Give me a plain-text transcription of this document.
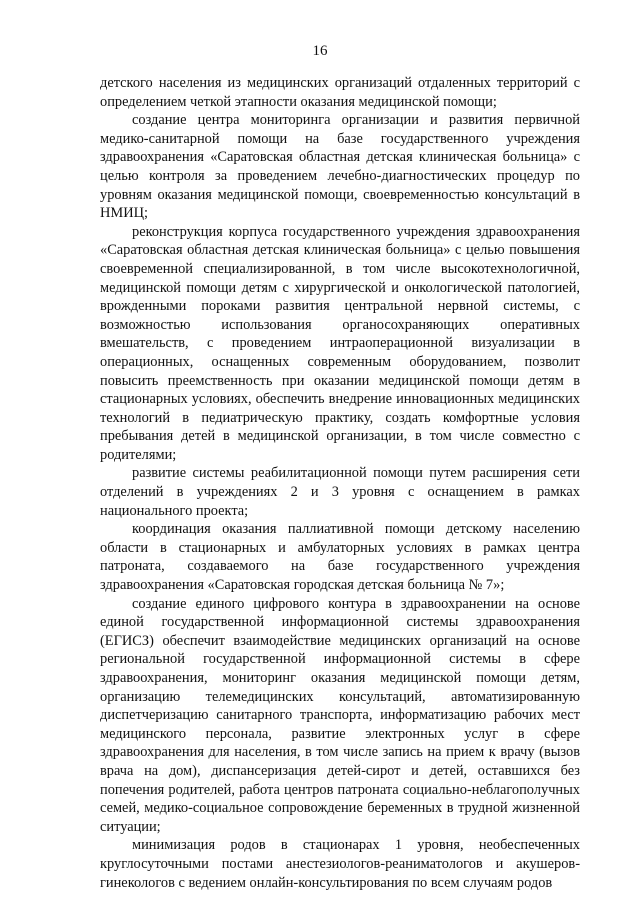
16

детского населения из медицинских организаций отдаленных территорий с определением четкой этапности оказания медицинской помощи;

создание центра мониторинга организации и развития первичной медико-санитарной помощи на базе государственного учреждения здравоохранения «Саратовская областная детская клиническая больница» с целью контроля за проведением лечебно-диагностических процедур по уровням оказания медицинской помощи, своевременностью консультаций в НМИЦ;

реконструкция корпуса государственного учреждения здравоохранения «Саратовская областная детская клиническая больница» с целью повышения своевременной специализированной, в том числе высокотехнологичной, медицинской помощи детям с хирургической и онкологической патологией, врожденными пороками развития центральной нервной системы, с возможностью использования органосохраняющих оперативных вмешательств, с проведением интраоперационной визуализации в операционных, оснащенных современным оборудованием, позволит повысить преемственность при оказании медицинской помощи детям в стационарных условиях, обеспечить внедрение инновационных медицинских технологий в педиатрическую практику, создать комфортные условия пребывания детей в медицинской организации, в том числе совместно с родителями;

развитие системы реабилитационной помощи путем расширения сети отделений в учреждениях 2 и 3 уровня с оснащением в рамках национального проекта;

координация оказания паллиативной помощи детскому населению области в стационарных и амбулаторных условиях в рамках центра патроната, создаваемого на базе государственного учреждения здравоохранения «Саратовская городская детская больница № 7»;

создание единого цифрового контура в здравоохранении на основе единой государственной информационной системы здравоохранения (ЕГИСЗ) обеспечит взаимодействие медицинских организаций на основе региональной государственной информационной системы в сфере здравоохранения, мониторинг оказания медицинской помощи детям, организацию телемедицинских консультаций, автоматизированную диспетчеризацию санитарного транспорта, информатизацию рабочих мест медицинского персонала, развитие электронных услуг в сфере здравоохранения для населения, в том числе запись на прием к врачу (вызов врача на дом), диспансеризация детей-сирот и детей, оставшихся без попечения родителей, работа центров патроната социально-неблагополучных семей, медико-социальное сопровождение беременных в трудной жизненной ситуации;

минимизация родов в стационарах 1 уровня, необеспеченных круглосуточными постами анестезиологов-реаниматологов и акушеров-гинекологов с ведением онлайн-консультирования по всем случаям родов
